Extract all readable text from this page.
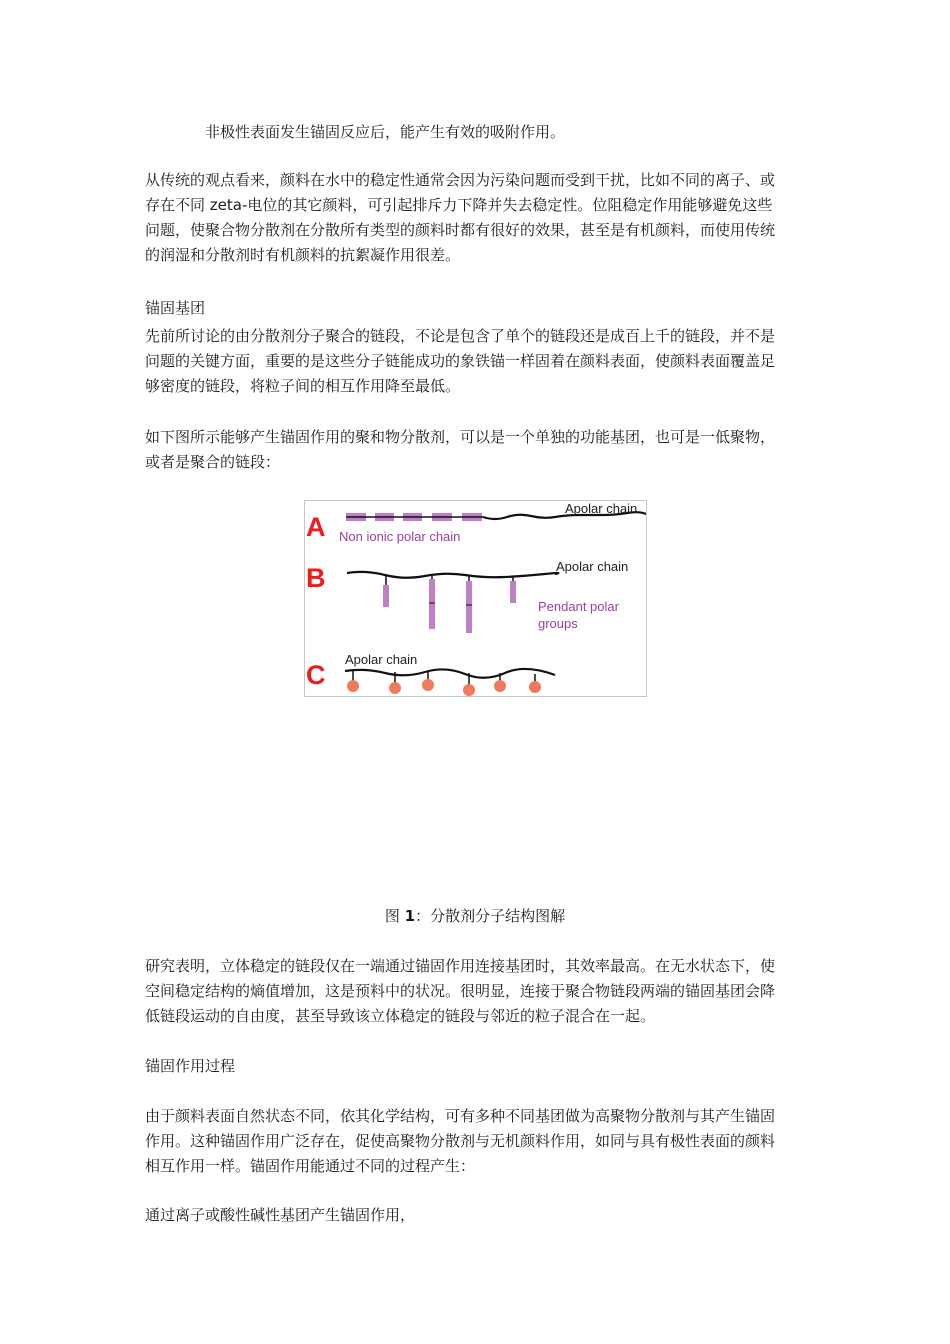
非极性表面发生锚固反应后，能产生有效的吸附作用。
从传统的观点看来，颜料在水中的稳定性通常会因为污染问题而受到干扰，比如不同的离子、或
存在不同 zeta-电位的其它颜料，可引起排斥力下降并失去稳定性。位阻稳定作用能够避免这些
问题，使聚合物分散剂在分散所有类型的颜料时都有很好的效果，甚至是有机颜料，而使用传统
的润湿和分散剂时有机颜料的抗絮凝作用很差。
锚固基团
先前所讨论的由分散剂分子聚合的链段，不论是包含了单个的链段还是成百上千的链段，并不是
问题的关键方面，重要的是这些分子链能成功的象铁锚一样固着在颜料表面，使颜料表面覆盖足
够密度的链段，将粒子间的相互作用降至最低。
如下图所示能够产生锚固作用的聚和物分散剂，可以是一个单独的功能基团，也可是一低聚物，
或者是聚合的链段：
A
Apolar chain
Non ionic polar chain
B	Apolar chain
Pendant polar
groups
C
Apolar chain
图 1：分散剂分子结构图解
研究表明，立体稳定的链段仅在一端通过锚固作用连接基团时，其效率最高。在无水状态下，使
空间稳定结构的熵值增加，这是预料中的状况。很明显，连接于聚合物链段两端的锚固基团会降
低链段运动的自由度，甚至导致该立体稳定的链段与邻近的粒子混合在一起。
锚固作用过程
由于颜料表面自然状态不同，依其化学结构，可有多种不同基团做为高聚物分散剂与其产生锚固
作用。这种锚固作用广泛存在，促使高聚物分散剂与无机颜料作用，如同与具有极性表面的颜料
相互作用一样。锚固作用能通过不同的过程产生：
通过离子或酸性碱性基团产生锚固作用，
